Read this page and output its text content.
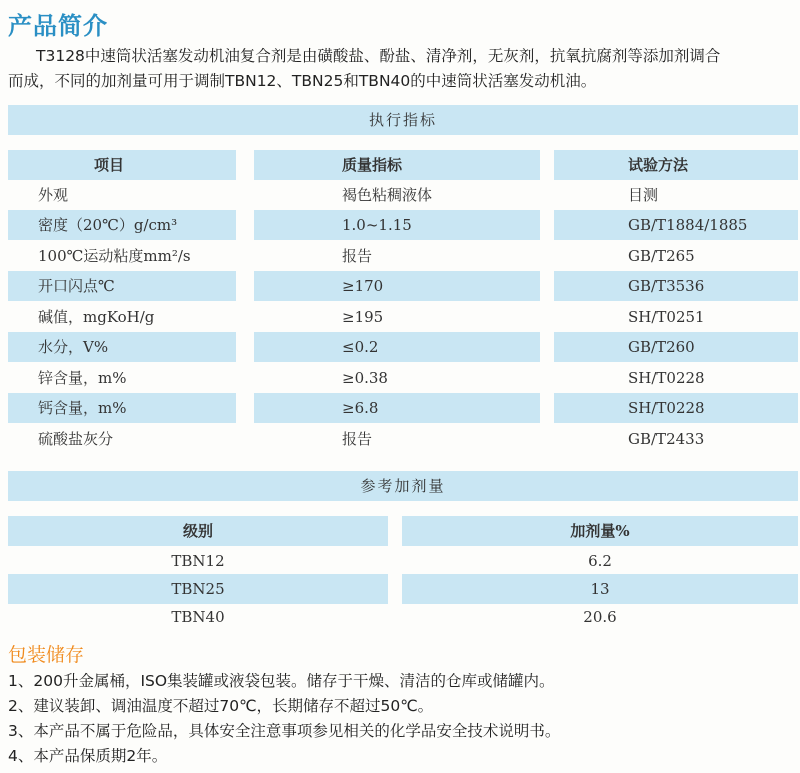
产品简介

T3128中速筒状活塞发动机油复合剂是由磺酸盐、酚盐、清净剂，无灰剂，抗氧抗腐剂等添加剂调合

而成，不同的加剂量可用于调制TBN12、TBN25和TBN40的中速筒状活塞发动机油。

执行指标
项目	质量指标	试验方法
外观	褐色粘稠液体	目测
密度（20℃）g/cm³	1.0~1.15	GB/T1884/1885
100℃运动粘度mm²/s	报告	GB/T265
开口闪点℃	≥170	GB/T3536
碱值，mgKoH/g	≥195	SH/T0251
水分，V%	≤0.2	GB/T260
锌含量，m%	≥0.38	SH/T0228
钙含量，m%	≥6.8	SH/T0228
硫酸盐灰分	报告	GB/T2433
参考加剂量
级别	加剂量%
TBN12	6.2
TBN25	13
TBN40	20.6
包装储存
1、200升金属桶，ISO集装罐或液袋包装。储存于干燥、清洁的仓库或储罐内。
2、建议装卸、调油温度不超过70℃，长期储存不超过50℃。
3、本产品不属于危险品，具体安全注意事项参见相关的化学品安全技术说明书。
4、本产品保质期2年。
